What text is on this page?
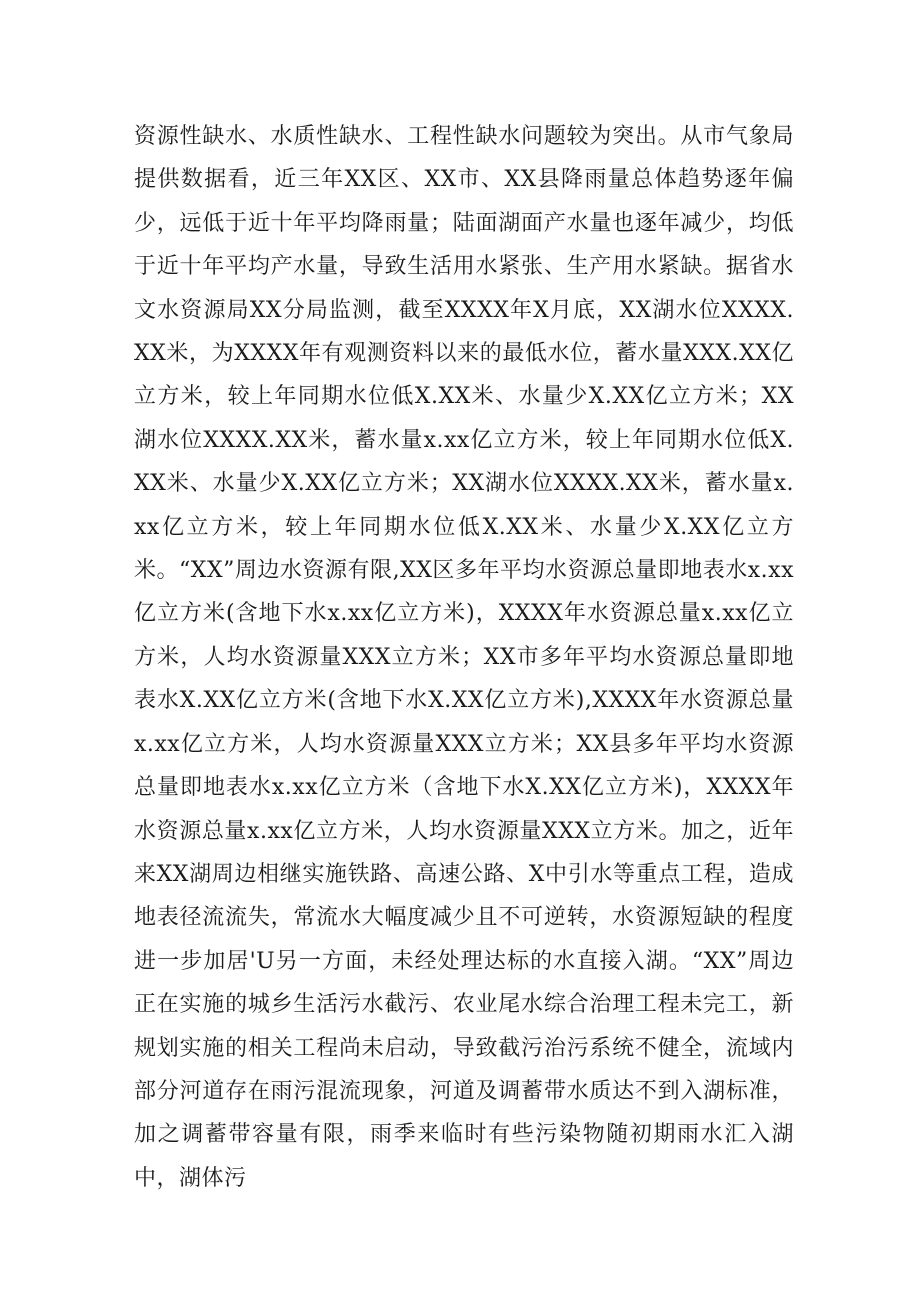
资源性缺水、水质性缺水、工程性缺水问题较为突出。从市气象局提供数据看，近三年XX区、XX市、XX县降雨量总体趋势逐年偏少，远低于近十年平均降雨量；陆面湖面产水量也逐年减少，均低于近十年平均产水量，导致生活用水紧张、生产用水紧缺。据省水文水资源局XX分局监测，截至XXXX年X月底，XX湖水位XXXX.XX米，为XXXX年有观测资料以来的最低水位，蓄水量XXX.XX亿立方米，较上年同期水位低X.XX米、水量少X.XX亿立方米；XX湖水位XXXX.XX米，蓄水量x.xx亿立方米，较上年同期水位低X.XX米、水量少X.XX亿立方米；XX湖水位XXXX.XX米，蓄水量x.xx亿立方米，较上年同期水位低X.XX米、水量少X.XX亿立方米。“XX”周边水资源有限,XX区多年平均水资源总量即地表水x.xx亿立方米(含地下水x.xx亿立方米)，XXXX年水资源总量x.xx亿立方米，人均水资源量XXX立方米；XX市多年平均水资源总量即地表水X.XX亿立方米(含地下水X.XX亿立方米),XXXX年水资源总量x.xx亿立方米，人均水资源量XXX立方米；XX县多年平均水资源总量即地表水x.xx亿立方米（含地下水X.XX亿立方米)，XXXX年水资源总量x.xx亿立方米，人均水资源量XXX立方米。加之，近年来XX湖周边相继实施铁路、高速公路、X中引水等重点工程，造成地表径流流失，常流水大幅度减少且不可逆转，水资源短缺的程度进一步加居'U另一方面，未经处理达标的水直接入湖。“XX”周边正在实施的城乡生活污水截污、农业尾水综合治理工程未完工，新规划实施的相关工程尚未启动，导致截污治污系统不健全，流域内部分河道存在雨污混流现象，河道及调蓄带水质达不到入湖标准，加之调蓄带容量有限，雨季来临时有些污染物随初期雨水汇入湖中，湖体污
